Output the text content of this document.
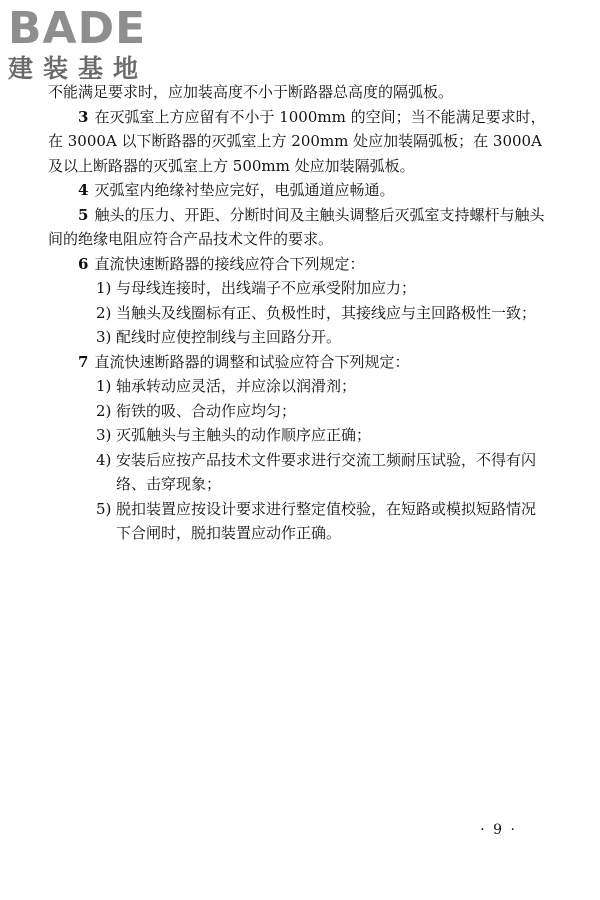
BADE
建装基地

不能满足要求时，应加装高度不小于断路器总高度的隔弧板。

3 在灭弧室上方应留有不小于 1000mm 的空间；当不能满足要求时，在 3000A 以下断路器的灭弧室上方 200mm 处应加装隔弧板；在 3000A 及以上断路器的灭弧室上方 500mm 处应加装隔弧板。

4 灭弧室内绝缘衬垫应完好，电弧通道应畅通。

5 触头的压力、开距、分断时间及主触头调整后灭弧室支持螺杆与触头间的绝缘电阻应符合产品技术文件的要求。

6 直流快速断路器的接线应符合下列规定：

1) 与母线连接时，出线端子不应承受附加应力；
2) 当触头及线圈标有正、负极性时，其接线应与主回路极性一致；
3) 配线时应使控制线与主回路分开。

7 直流快速断路器的调整和试验应符合下列规定：

1) 轴承转动应灵活，并应涂以润滑剂；
2) 衔铁的吸、合动作应均匀；
3) 灭弧触头与主触头的动作顺序应正确；
4) 安装后应按产品技术文件要求进行交流工频耐压试验，不得有闪络、击穿现象；
5) 脱扣装置应按设计要求进行整定值校验，在短路或模拟短路情况下合闸时，脱扣装置应动作正确。
· 9 ·
